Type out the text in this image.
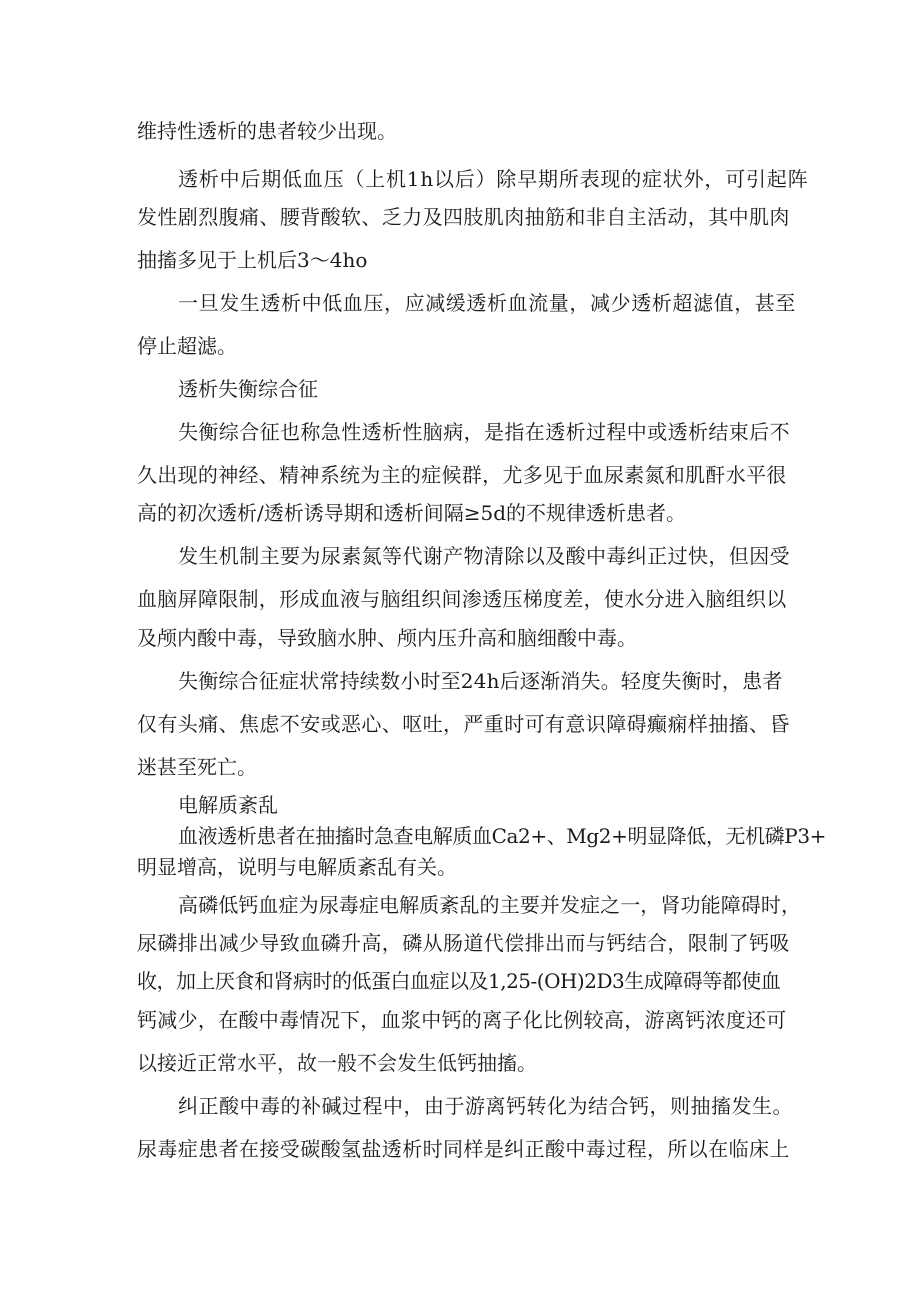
维持性透析的患者较少出现。

透析中后期低血压（上机1h以后）除早期所表现的症状外，可引起阵

发性剧烈腹痛、腰背酸软、乏力及四肢肌肉抽筋和非自主活动，其中肌肉

抽搐多见于上机后3～4ho

一旦发生透析中低血压，应减缓透析血流量，减少透析超滤值，甚至

停止超滤。

透析失衡综合征

失衡综合征也称急性透析性脑病，是指在透析过程中或透析结束后不

久出现的神经、精神系统为主的症候群，尤多见于血尿素氮和肌酐水平很

高的初次透析/透析诱导期和透析间隔≥5d的不规律透析患者。

发生机制主要为尿素氮等代谢产物清除以及酸中毒纠正过快，但因受

血脑屏障限制，形成血液与脑组织间渗透压梯度差，使水分进入脑组织以

及颅内酸中毒，导致脑水肿、颅内压升高和脑细酸中毒。

失衡综合征症状常持续数小时至24h后逐渐消失。轻度失衡时，患者

仅有头痛、焦虑不安或恶心、呕吐，严重时可有意识障碍癫痫样抽搐、昏

迷甚至死亡。

电解质紊乱

血液透析患者在抽搐时急查电解质血Ca2+、Mg2+明显降低，无机磷P3+

明显增高，说明与电解质紊乱有关。

高磷低钙血症为尿毒症电解质紊乱的主要并发症之一，肾功能障碍时，

尿磷排出减少导致血磷升高，磷从肠道代偿排出而与钙结合，限制了钙吸

收，加上厌食和肾病时的低蛋白血症以及1,25-(OH)2D3生成障碍等都使血

钙减少，在酸中毒情况下，血浆中钙的离子化比例较高，游离钙浓度还可

以接近正常水平，故一般不会发生低钙抽搐。

纠正酸中毒的补碱过程中，由于游离钙转化为结合钙，则抽搐发生。

尿毒症患者在接受碳酸氢盐透析时同样是纠正酸中毒过程，所以在临床上
